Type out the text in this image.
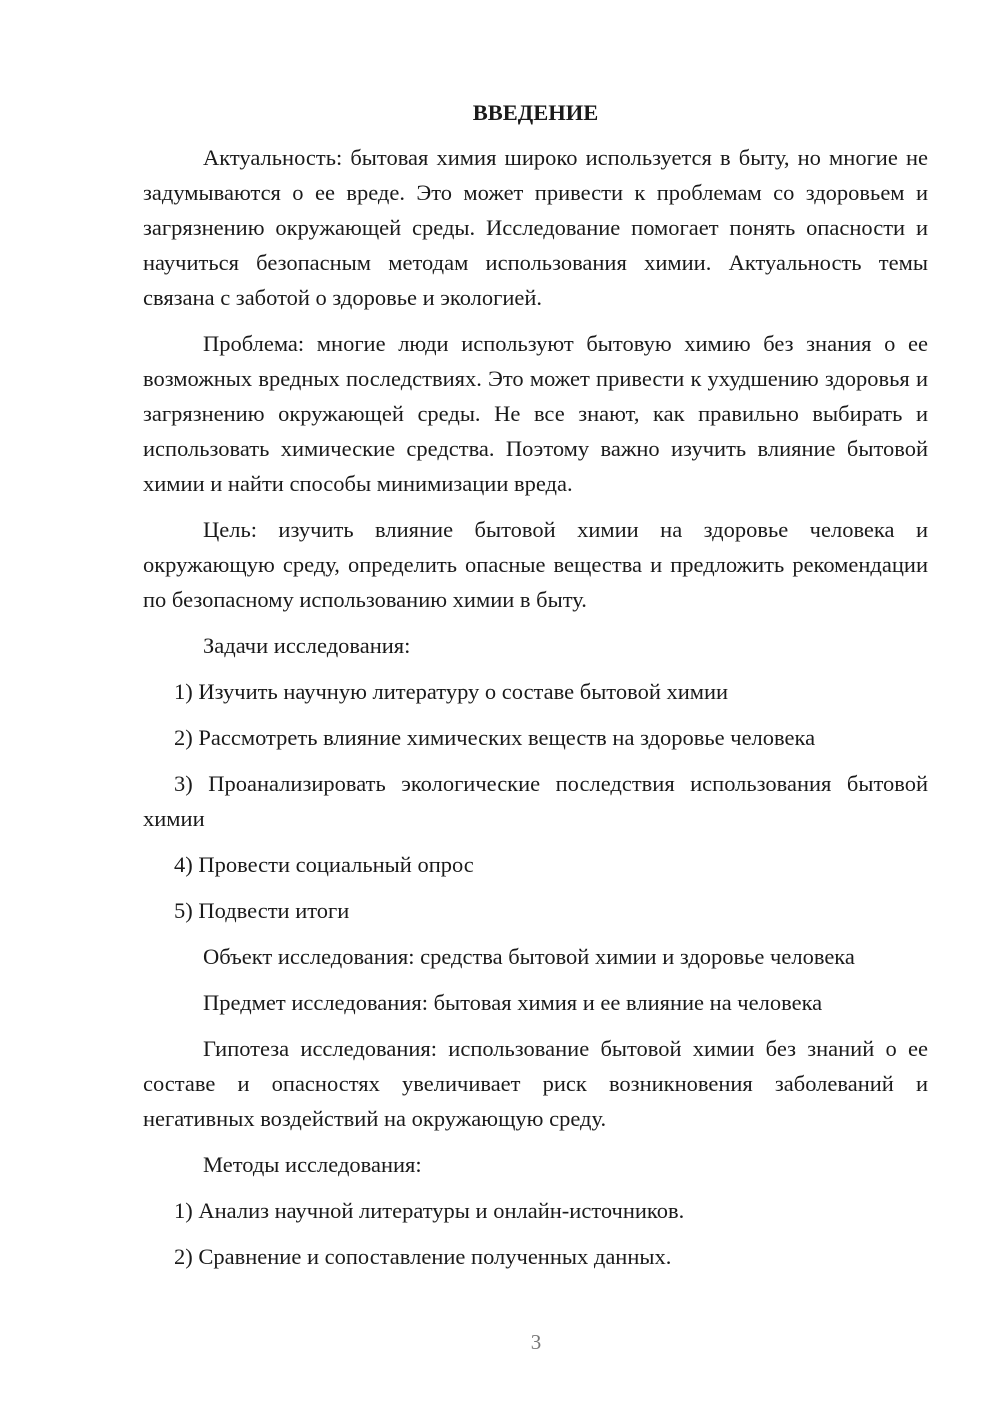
ВВЕДЕНИЕ

Актуальность: бытовая химия широко используется в быту, но многие не задумываются о ее вреде. Это может привести к проблемам со здоровьем и загрязнению окружающей среды. Исследование помогает понять опасности и научиться безопасным методам использования химии. Актуальность темы связана с заботой о здоровье и экологией.

Проблема: многие люди используют бытовую химию без знания о ее возможных вредных последствиях. Это может привести к ухудшению здоровья и загрязнению окружающей среды. Не все знают, как правильно выбирать и использовать химические средства. Поэтому важно изучить влияние бытовой химии и найти способы минимизации вреда.

Цель: изучить влияние бытовой химии на здоровье человека и окружающую среду, определить опасные вещества и предложить рекомендации по безопасному использованию химии в быту.

Задачи исследования:
1) Изучить научную литературу о составе бытовой химии
2) Рассмотреть влияние химических веществ на здоровье человека
3) Проанализировать экологические последствия использования бытовой химии
4) Провести социальный опрос
5) Подвести итоги
Объект исследования: средства бытовой химии и здоровье человека
Предмет исследования: бытовая химия и ее влияние на человека

Гипотеза исследования: использование бытовой химии без знаний о ее составе и опасностях увеличивает риск возникновения заболеваний и негативных воздействий на окружающую среду.

Методы исследования:
1) Анализ научной литературы и онлайн-источников.
2) Сравнение и сопоставление полученных данных.
3
